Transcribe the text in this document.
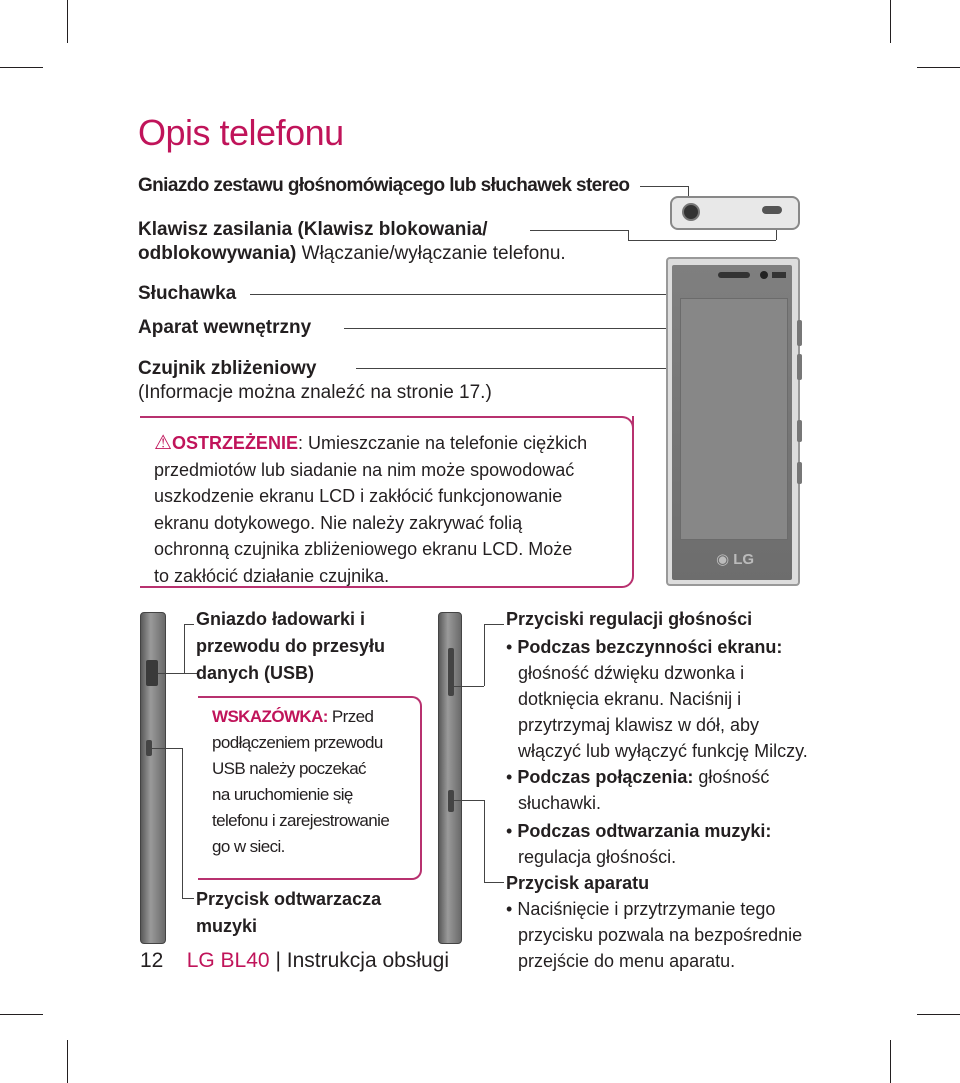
Opis telefonu
Gniazdo zestawu głośnomówiącego lub słuchawek stereo
Klawisz zasilania (Klawisz blokowania/
odblokowywania) Włączanie/wyłączanie telefonu.
Słuchawka
Aparat wewnętrzny
Czujnik zbliżeniowy
(Informacje można znaleźć na stronie 17.)
◉ LG
⚠OSTRZEŻENIE: Umieszczanie na telefonie ciężkich
przedmiotów lub siadanie na nim może spowodować
uszkodzenie ekranu LCD i zakłócić funkcjonowanie
ekranu dotykowego. Nie należy zakrywać folią
ochronną czujnika zbliżeniowego ekranu LCD. Może
to zakłócić działanie czujnika.
Gniazdo ładowarki i
przewodu do przesyłu
danych (USB)
WSKAZÓWKA: Przed
podłączeniem przewodu
USB należy poczekać
na uruchomienie się
telefonu i zarejestrowanie
go w sieci.
Przycisk odtwarzacza
muzyki
Przyciski regulacji głośności
• Podczas bezczynności ekranu:
głośność dźwięku dzwonka i
dotknięcia ekranu. Naciśnij i
przytrzymaj klawisz w dół, aby
włączyć lub wyłączyć funkcję Milczy.
• Podczas połączenia: głośność
słuchawki.
• Podczas odtwarzania muzyki:
regulacja głośności.
Przycisk aparatu
• Naciśnięcie i przytrzymanie tego
przycisku pozwala na bezpośrednie
przejście do menu aparatu.
12 LG BL40 | Instrukcja obsługi
